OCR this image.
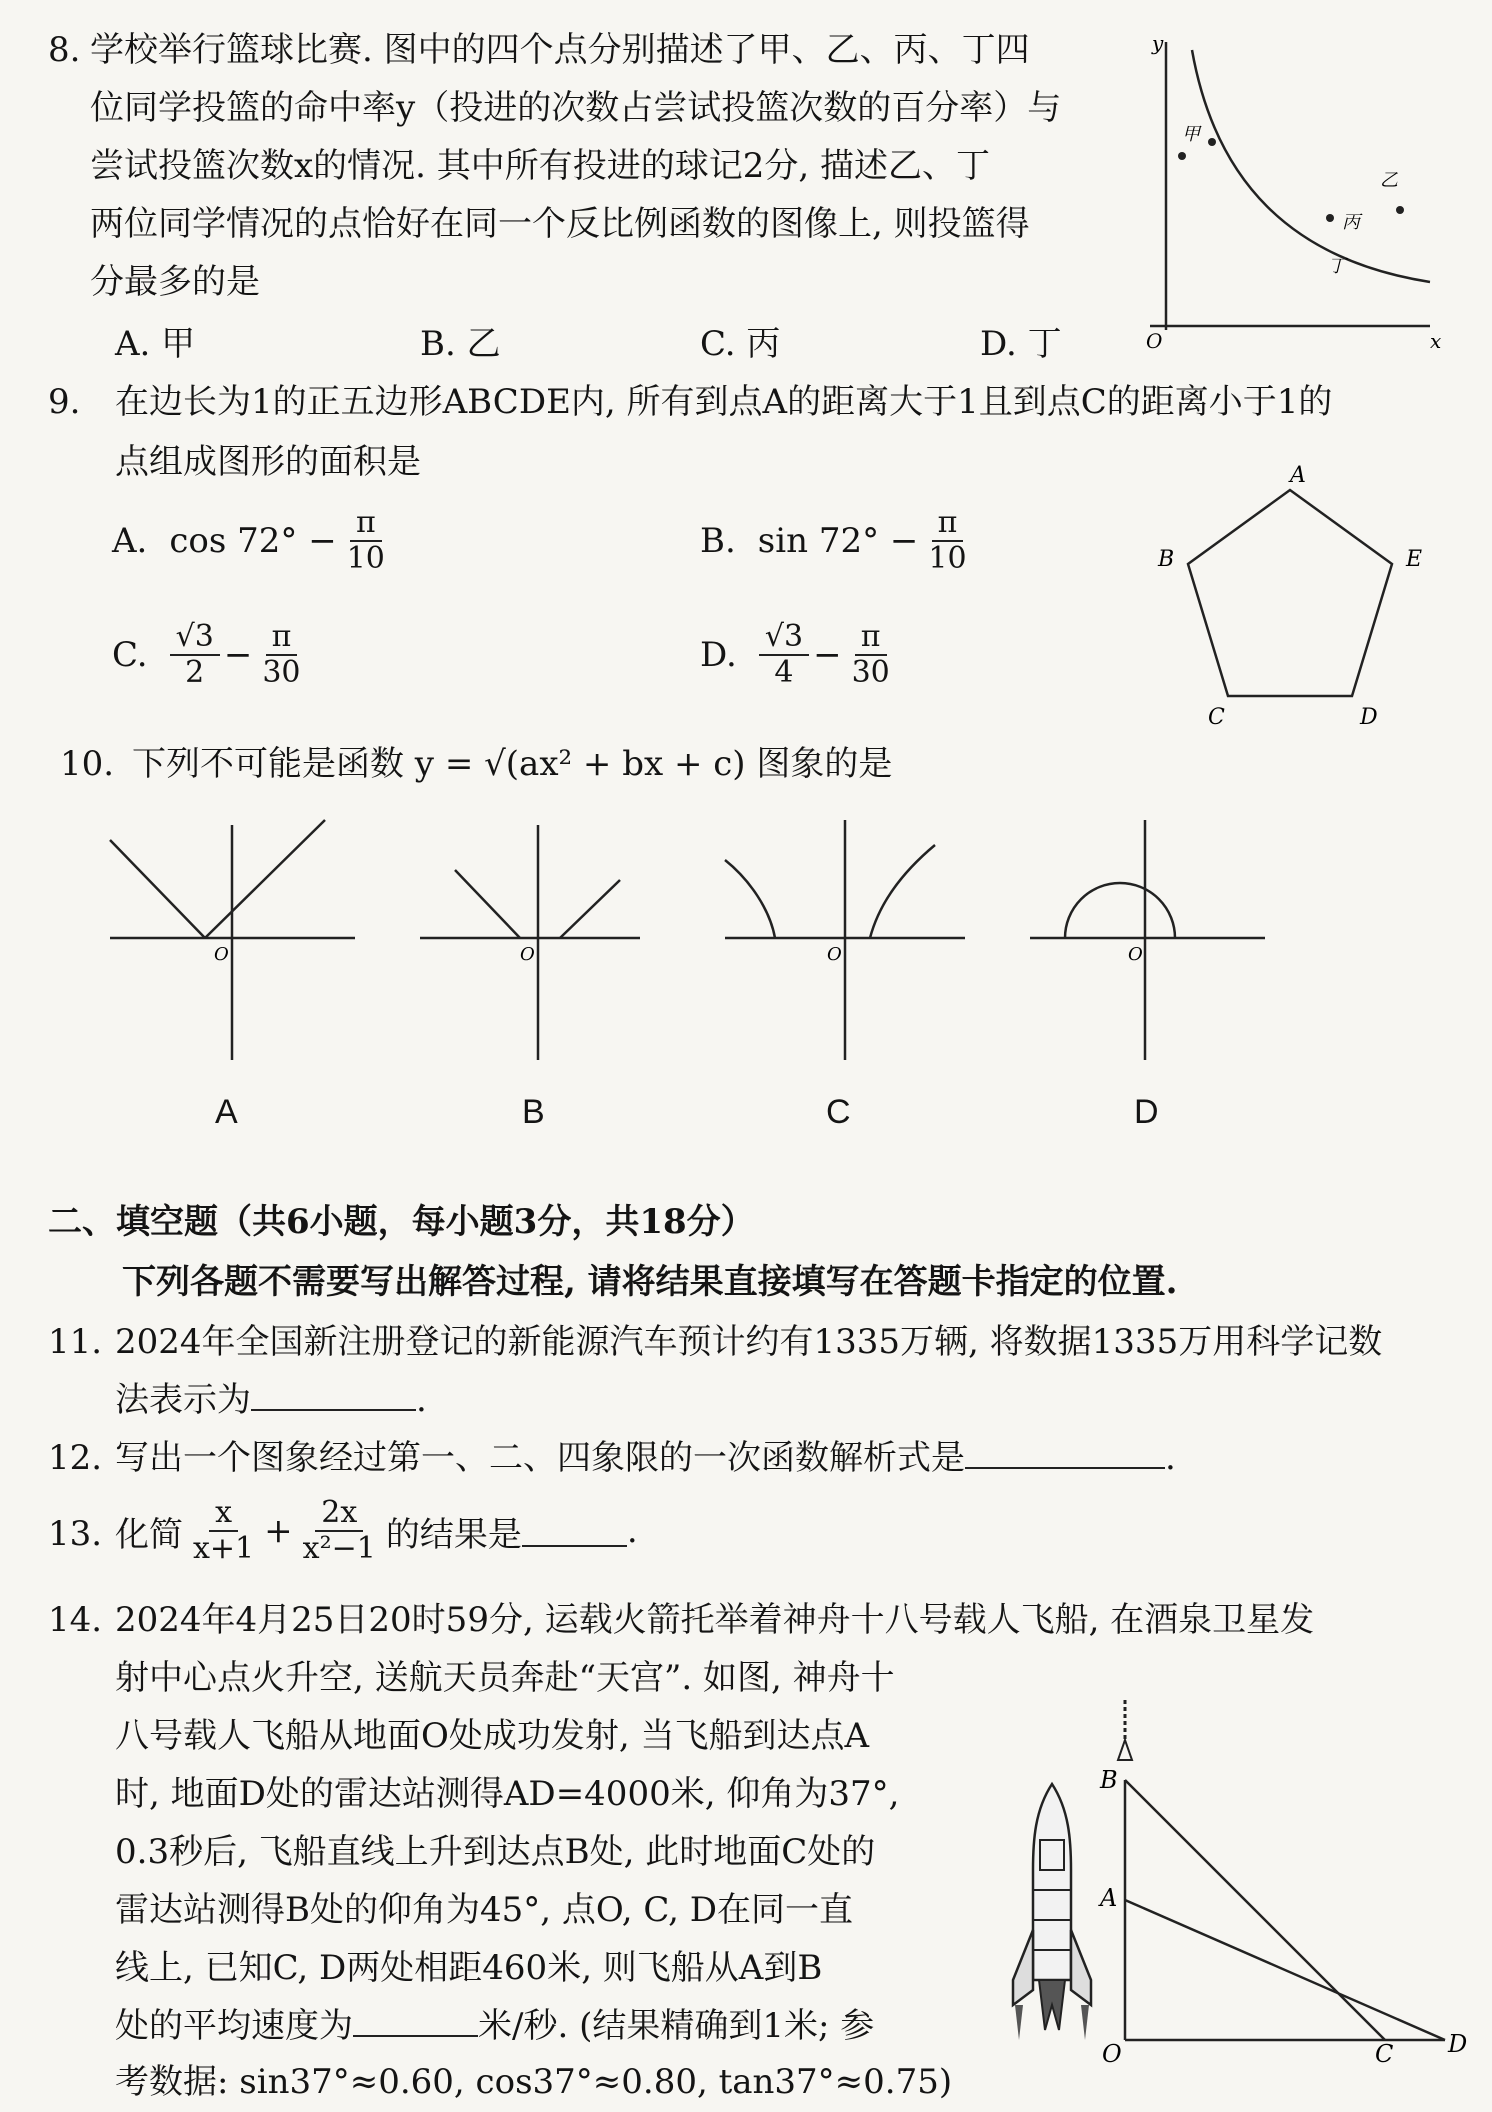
8. 学校举行篮球比赛. 图中的四个点分别描述了甲、乙、丙、丁四
位同学投篮的命中率y（投进的次数占尝试投篮次数的百分率）与
尝试投篮次数x的情况. 其中所有投进的球记2分, 描述乙、丁
两位同学情况的点恰好在同一个反比例函数的图像上, 则投篮得
分最多的是
A. 甲	B. 乙	C. 丙	D. 丁
y
O	x
甲
丙
乙
丁
9. 在边长为1的正五边形ABCDE内, 所有到点A的距离大于1且到点C的距离小于1的
点组成图形的面积是
A. $\cos 72^\circ - \frac{\pi}{10}$	B. $\sin 72^\circ - \frac{\pi}{10}$
C. $\frac{√3}{2} - \frac{\pi}{30}$	D. $\frac{√3}{4} - \frac{\pi}{30}$
A
B
C	D
E
10. 下列不可能是函数 y = √(ax² + bx + c) 图象的是
O	O	O	O
A	B	C	D
二、填空题（共6小题，每小题3分，共18分）
下列各题不需要写出解答过程, 请将结果直接填写在答题卡指定的位置.
11. 2024年全国新注册登记的新能源汽车预计约有1335万辆, 将数据1335万用科学记数
法表示为	.
12. 写出一个图象经过第一、二、四象限的一次函数解析式是	.
13. 化简 $\frac{x}{x+1} + \frac{2x}{\text{x²−1}}$ 的结果是	.
14. 2024年4月25日20时59分, 运载火箭托举着神舟十八号载人飞船, 在酒泉卫星发
射中心点火升空, 送航天员奔赴“天宫”. 如图, 神舟十
八号载人飞船从地面O处成功发射, 当飞船到达点A
时, 地面D处的雷达站测得AD=4000米, 仰角为37°,
0.3秒后, 飞船直线上升到达点B处, 此时地面C处的
雷达站测得B处的仰角为45°, 点O, C, D在同一直
线上, 已知C, D两处相距460米, 则飞船从A到B
处的平均速度为	米/秒. (结果精确到1米; 参
考数据: sin37°≈0.60, cos37°≈0.80, tan37°≈0.75)
B
A
O	C D
